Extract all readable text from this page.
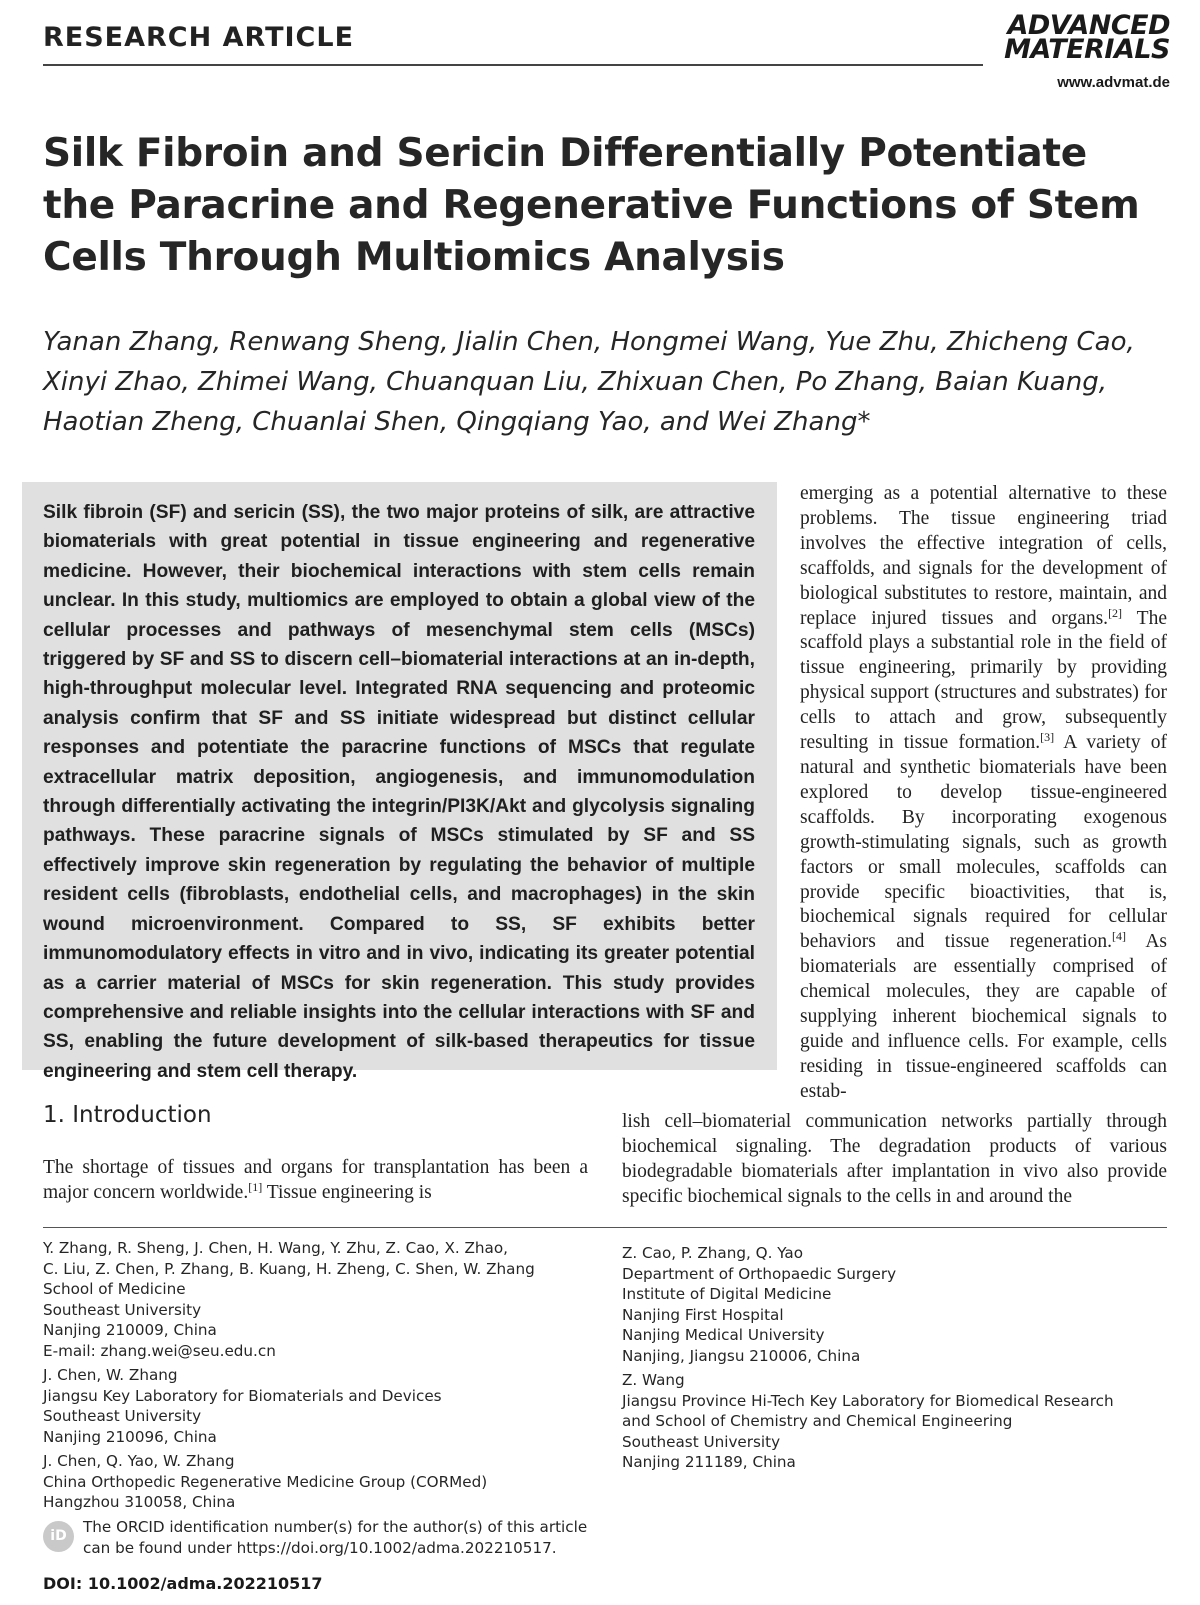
RESEARCH ARTICLE	ADVANCED
MATERIALS
www.advmat.de
Silk Fibroin and Sericin Differentially Potentiate the Paracrine and Regenerative Functions of Stem Cells Through Multiomics Analysis
Yanan Zhang, Renwang Sheng, Jialin Chen, Hongmei Wang, Yue Zhu, Zhicheng Cao, Xinyi Zhao, Zhimei Wang, Chuanquan Liu, Zhixuan Chen, Po Zhang, Baian Kuang, Haotian Zheng, Chuanlai Shen, Qingqiang Yao, and Wei Zhang*
Silk fibroin (SF) and sericin (SS), the two major proteins of silk, are attractive biomaterials with great potential in tissue engineering and regenerative medicine. However, their biochemical interactions with stem cells remain unclear. In this study, multiomics are employed to obtain a global view of the cellular processes and pathways of mesenchymal stem cells (MSCs) triggered by SF and SS to discern cell–biomaterial interactions at an in-depth, high-throughput molecular level. Integrated RNA sequencing and proteomic analysis confirm that SF and SS initiate widespread but distinct cellular responses and potentiate the paracrine functions of MSCs that regulate extracellular matrix deposition, angiogenesis, and immunomodulation through differentially activating the integrin/PI3K/Akt and glycolysis signaling pathways. These paracrine signals of MSCs stimulated by SF and SS effectively improve skin regeneration by regulating the behavior of multiple resident cells (fibroblasts, endothelial cells, and macrophages) in the skin wound microenvironment. Compared to SS, SF exhibits better immunomodulatory effects in vitro and in vivo, indicating its greater potential as a carrier material of MSCs for skin regeneration. This study provides comprehensive and reliable insights into the cellular interactions with SF and SS, enabling the future development of silk-based therapeutics for tissue engineering and stem cell therapy.

emerging as a potential alternative to these problems. The tissue engineering triad involves the effective integration of cells, scaffolds, and signals for the development of biological substitutes to restore, maintain, and replace injured tissues and organs.[2] The scaffold plays a substantial role in the field of tissue engineering, primarily by providing physical support (structures and substrates) for cells to attach and grow, subsequently resulting in tissue formation.[3] A variety of natural and synthetic biomaterials have been explored to develop tissue-engineered scaffolds. By incorporating exogenous growth-stimulating signals, such as growth factors or small molecules, scaffolds can provide specific bioactivities, that is, biochemical signals required for cellular behaviors and tissue regeneration.[4] As biomaterials are essentially comprised of chemical molecules, they are capable of supplying inherent biochemical signals to guide and influence cells. For example, cells residing in tissue-engineered scaffolds can estab-

1. Introduction
The shortage of tissues and organs for transplantation has been a major concern worldwide.[1] Tissue engineering is
lish cell–biomaterial communication networks partially through biochemical signaling. The degradation products of various biodegradable biomaterials after implantation in vivo also provide specific biochemical signals to the cells in and around the
Y. Zhang, R. Sheng, J. Chen, H. Wang, Y. Zhu, Z. Cao, X. Zhao,
C. Liu, Z. Chen, P. Zhang, B. Kuang, H. Zheng, C. Shen, W. Zhang
School of Medicine
Southeast University
Nanjing 210009, China
E-mail: zhang.wei@seu.edu.cn
J. Chen, W. Zhang
Jiangsu Key Laboratory for Biomaterials and Devices
Southeast University
Nanjing 210096, China
J. Chen, Q. Yao, W. Zhang
China Orthopedic Regenerative Medicine Group (CORMed)
Hangzhou 310058, China
Z. Cao, P. Zhang, Q. Yao
Department of Orthopaedic Surgery
Institute of Digital Medicine
Nanjing First Hospital
Nanjing Medical University
Nanjing, Jiangsu 210006, China
Z. Wang
Jiangsu Province Hi-Tech Key Laboratory for Biomedical Research
and School of Chemistry and Chemical Engineering
Southeast University
Nanjing 211189, China
iD	The ORCID identification number(s) for the author(s) of this article
can be found under https://doi.org/10.1002/adma.202210517.
DOI: 10.1002/adma.202210517
